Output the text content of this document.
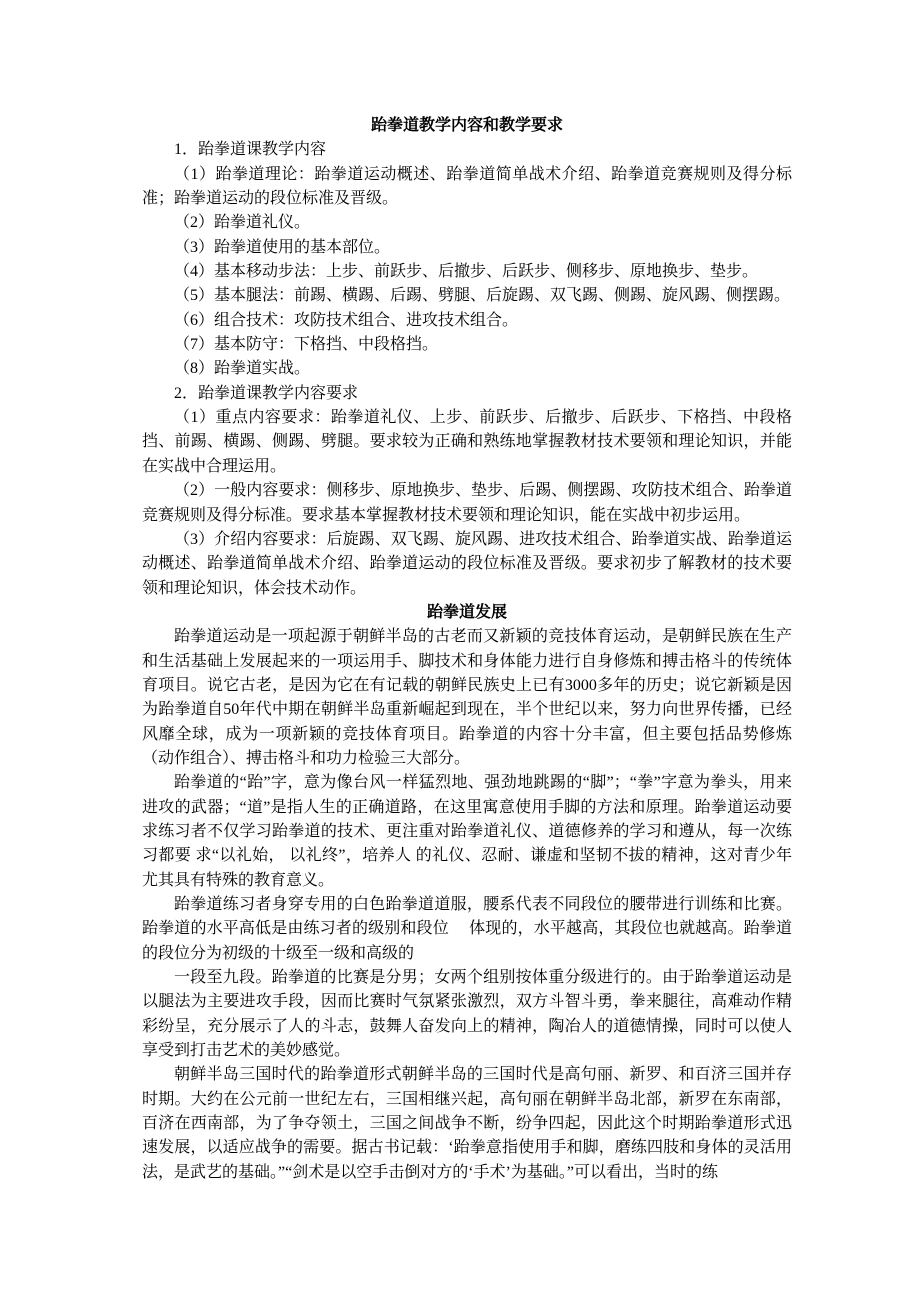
跆拳道教学内容和教学要求

1．跆拳道课教学内容

（1）跆拳道理论：跆拳道运动概述、跆拳道简单战术介绍、跆拳道竞赛规则及得分标准；跆拳道运动的段位标准及晋级。

（2）跆拳道礼仪。

（3）跆拳道使用的基本部位。

（4）基本移动步法：上步、前跃步、后撤步、后跃步、侧移步、原地换步、垫步。

（5）基本腿法：前踢、横踢、后踢、劈腿、后旋踢、双飞踢、侧踢、旋风踢、侧摆踢。

（6）组合技术：攻防技术组合、进攻技术组合。

（7）基本防守：下格挡、中段格挡。

（8）跆拳道实战。

2．跆拳道课教学内容要求

（1）重点内容要求：跆拳道礼仪、上步、前跃步、后撤步、后跃步、下格挡、中段格挡、前踢、横踢、侧踢、劈腿。要求较为正确和熟练地掌握教材技术要领和理论知识，并能在实战中合理运用。

（2）一般内容要求：侧移步、原地换步、垫步、后踢、侧摆踢、攻防技术组合、跆拳道竞赛规则及得分标准。要求基本掌握教材技术要领和理论知识，能在实战中初步运用。

（3）介绍内容要求：后旋踢、双飞踢、旋风踢、进攻技术组合、跆拳道实战、跆拳道运动概述、跆拳道简单战术介绍、跆拳道运动的段位标准及晋级。要求初步了解教材的技术要领和理论知识，体会技术动作。

跆拳道发展

跆拳道运动是一项起源于朝鲜半岛的古老而又新颖的竞技体育运动，是朝鲜民族在生产和生活基础上发展起来的一项运用手、脚技术和身体能力进行自身修炼和搏击格斗的传统体育项目。说它古老，是因为它在有记载的朝鲜民族史上已有3000多年的历史；说它新颖是因为跆拳道自50年代中期在朝鲜半岛重新崛起到现在，半个世纪以来，努力向世界传播，已经风靡全球，成为一项新颖的竞技体育项目。跆拳道的内容十分丰富，但主要包括品势修炼（动作组合）、搏击格斗和功力检验三大部分。

跆拳道的“跆”字，意为像台风一样猛烈地、强劲地跳踢的“脚”；“拳”字意为拳头，用来进攻的武器；“道”是指人生的正确道路，在这里寓意使用手脚的方法和原理。跆拳道运动要求练习者不仅学习跆拳道的技术、更注重对跆拳道礼仪、道德修养的学习和遵从，每一次练习都要 求“以礼始， 以礼终”，培养人 的礼仪、忍耐、谦虚和坚韧不拔的精神，这对青少年尤其具有特殊的教育意义。

跆拳道练习者身穿专用的白色跆拳道道服，腰系代表不同段位的腰带进行训练和比赛。跆拳道的水平高低是由练习者的级别和段位　 体现的，水平越高，其段位也就越高。跆拳道的段位分为初级的十级至一级和高级的

一段至九段。跆拳道的比赛是分男；女两个组别按体重分级进行的。由于跆拳道运动是以腿法为主要进攻手段，因而比赛时气氛紧张激烈，双方斗智斗勇，拳来腿往，高难动作精彩纷呈，充分展示了人的斗志，鼓舞人奋发向上的精神，陶冶人的道德情操，同时可以使人享受到打击艺术的美妙感觉。

朝鲜半岛三国时代的跆拳道形式朝鲜半岛的三国时代是高句丽、新罗、和百济三国并存时期。大约在公元前一世纪左右，三国相继兴起，高句丽在朝鲜半岛北部，新罗在东南部，百济在西南部，为了争夺领土，三国之间战争不断，纷争四起，因此这个时期跆拳道形式迅速发展，以适应战争的需要。据古书记载：‘跆拳意指使用手和脚，磨练四肢和身体的灵活用法，是武艺的基础。”“剑术是以空手击倒对方的‘手术’为基础。”可以看出，当时的练
